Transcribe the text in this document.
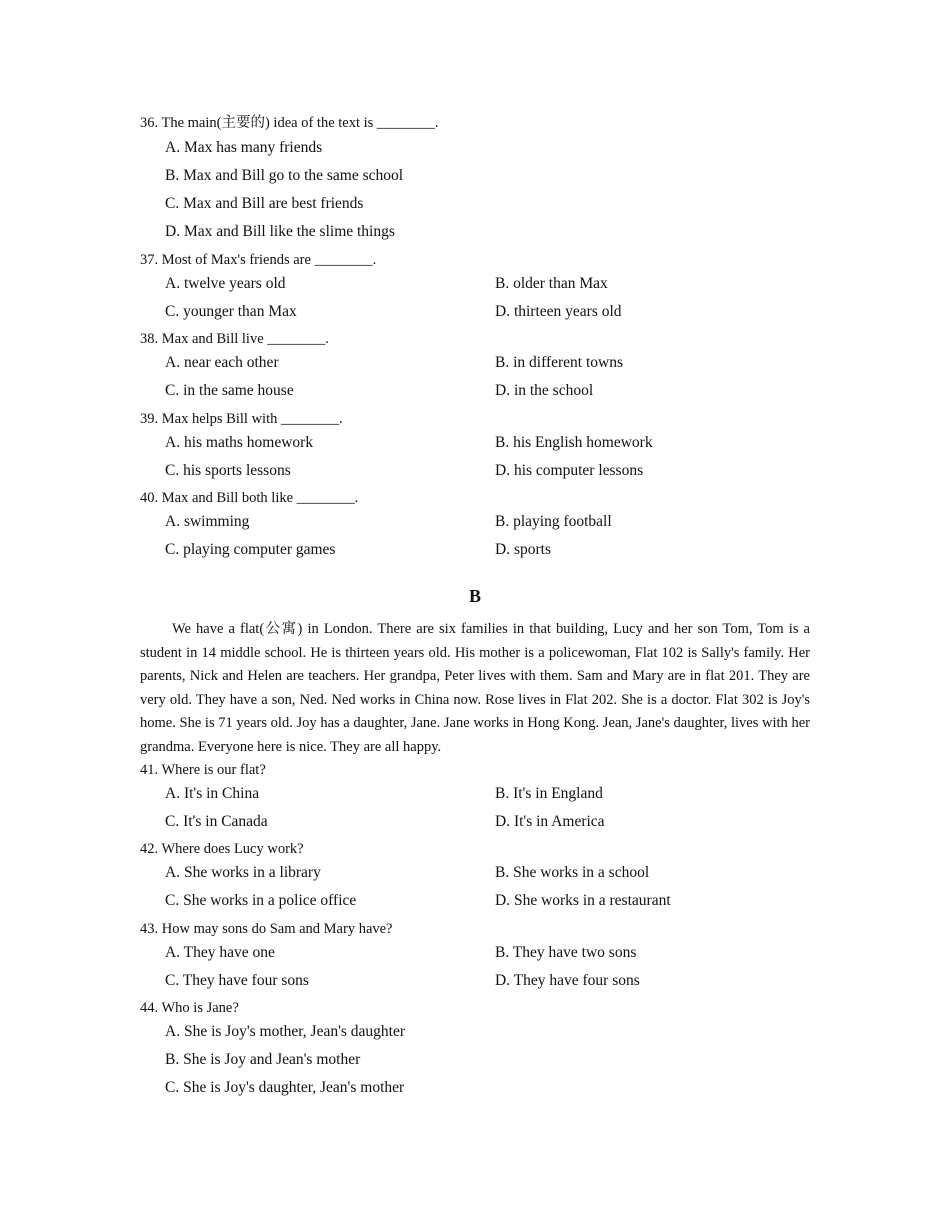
36. The main(主要的) idea of the text is ________.
A. Max has many friends
B. Max and Bill go to the same school
C. Max and Bill are best friends
D. Max and Bill like the slime things
37. Most of Max's friends are ________.
A. twelve years old	B. older than Max
C. younger than Max	D. thirteen years old
38. Max and Bill live ________.
A. near each other	B. in different towns
C. in the same house	D. in the school
39. Max helps Bill with ________.
A. his maths homework	B. his English homework
C. his sports lessons	D. his computer lessons
40. Max and Bill both like ________.
A. swimming	B. playing football
C. playing computer games	D. sports
B
We have a flat(公寓) in London. There are six families in that building, Lucy and her son Tom, Tom is a student in 14 middle school. He is thirteen years old. His mother is a policewoman, Flat 102 is Sally's family. Her parents, Nick and Helen are teachers. Her grandpa, Peter lives with them. Sam and Mary are in flat 201. They are very old. They have a son, Ned. Ned works in China now. Rose lives in Flat 202. She is a doctor. Flat 302 is Joy's home. She is 71 years old. Joy has a daughter, Jane. Jane works in Hong Kong. Jean, Jane's daughter, lives with her grandma. Everyone here is nice. They are all happy.
41. Where is our flat?
A. It's in China	B. It's in England
C. It's in Canada	D. It's in America
42. Where does Lucy work?
A. She works in a library	B. She works in a school
C. She works in a police office	D. She works in a restaurant
43. How may sons do Sam and Mary have?
A. They have one	B. They have two sons
C. They have four sons	D. They have four sons
44. Who is Jane?
A. She is Joy's mother, Jean's daughter
B. She is Joy and Jean's mother
C. She is Joy's daughter, Jean's mother
